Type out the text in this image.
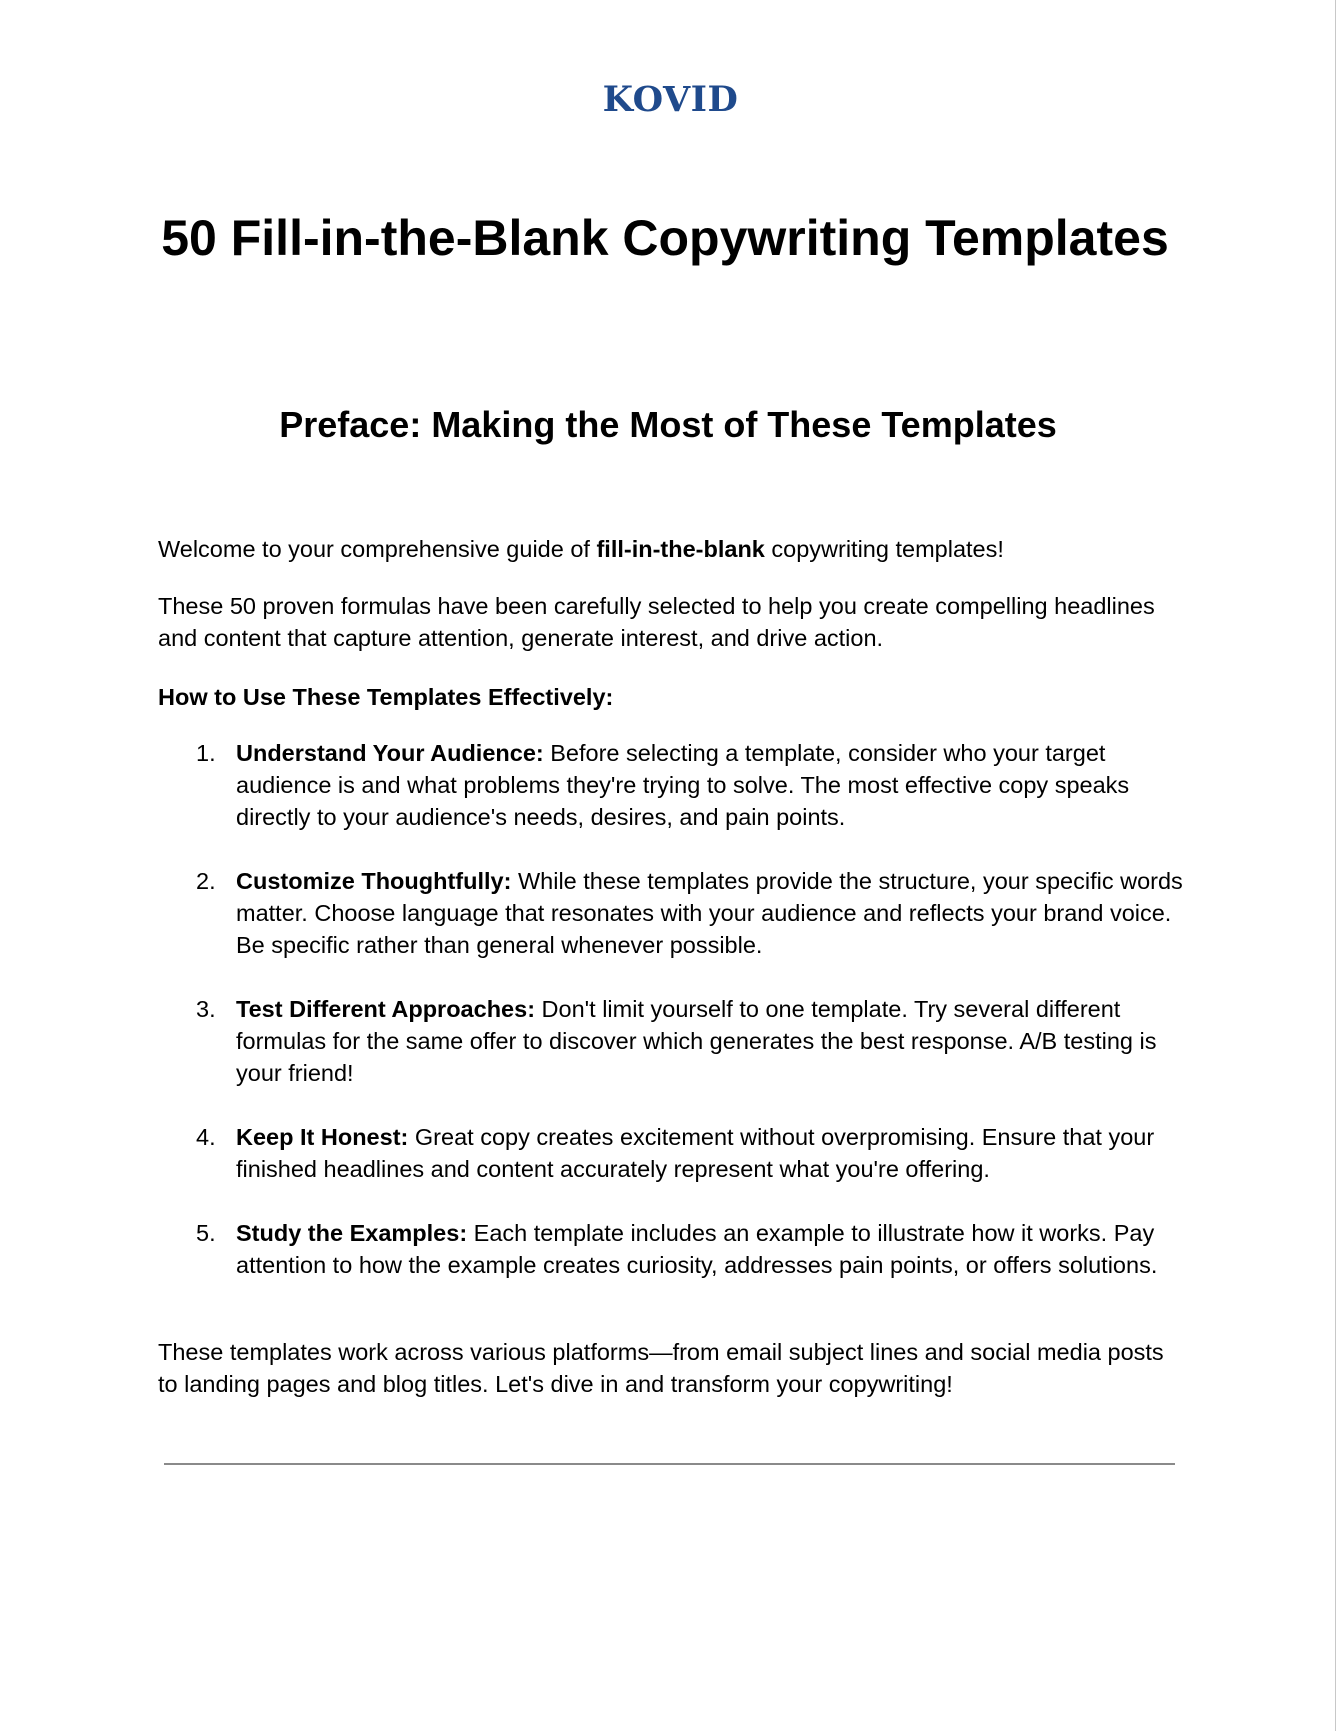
KOVID
50 Fill-in-the-Blank Copywriting Templates
Preface: Making the Most of These Templates

Welcome to your comprehensive guide of fill-in-the-blank copywriting templates!

These 50 proven formulas have been carefully selected to help you create compelling headlines and content that capture attention, generate interest, and drive action.

How to Use These Templates Effectively:

1. Understand Your Audience: Before selecting a template, consider who your target audience is and what problems they're trying to solve. The most effective copy speaks directly to your audience's needs, desires, and pain points.
2. Customize Thoughtfully: While these templates provide the structure, your specific words matter. Choose language that resonates with your audience and reflects your brand voice. Be specific rather than general whenever possible.
3. Test Different Approaches: Don't limit yourself to one template. Try several different formulas for the same offer to discover which generates the best response. A/B testing is your friend!
4. Keep It Honest: Great copy creates excitement without overpromising. Ensure that your finished headlines and content accurately represent what you're offering.
5. Study the Examples: Each template includes an example to illustrate how it works. Pay attention to how the example creates curiosity, addresses pain points, or offers solutions.

These templates work across various platforms—from email subject lines and social media posts to landing pages and blog titles. Let's dive in and transform your copywriting!
